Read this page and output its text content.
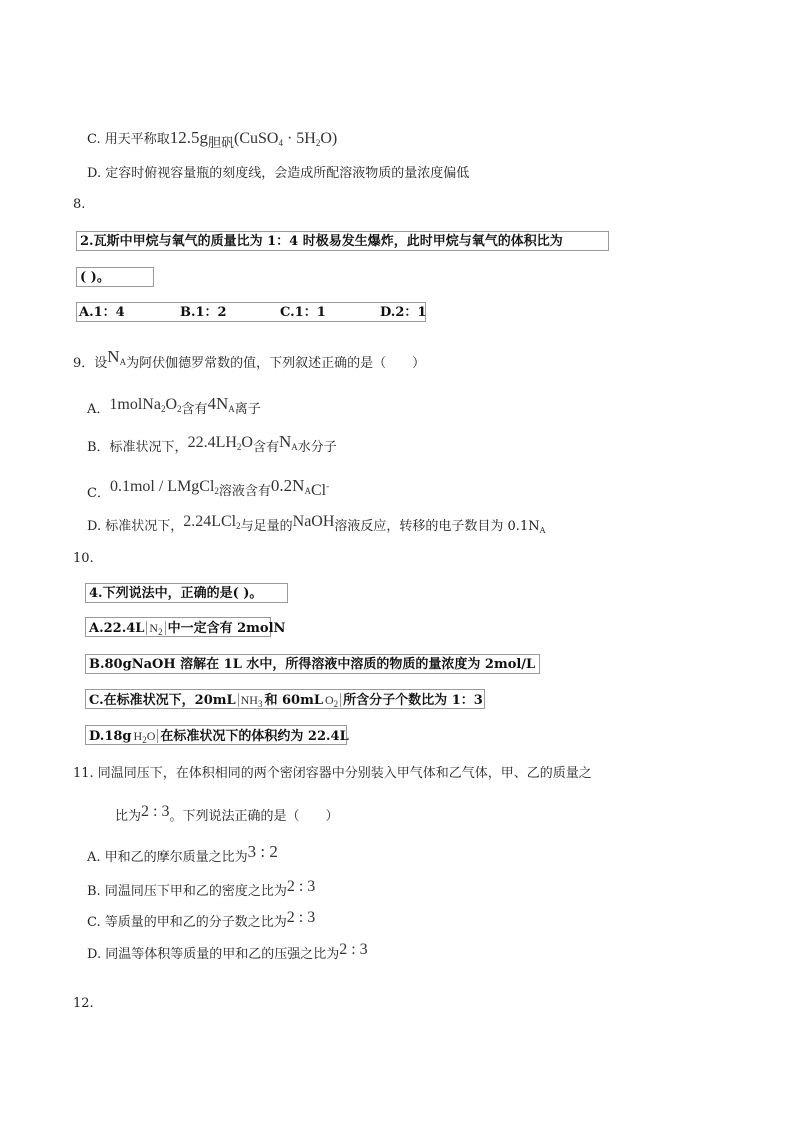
C. 用天平称取12.5g胆矾(CuSO$_4$ · $5H_2O$)
D. 定容时俯视容量瓶的刻度线，会造成所配溶液物质的量浓度偏低
8.
2.瓦斯中甲烷与氧气的质量比为 1：4 时极易发生爆炸，此时甲烷与氧气的体积比为
( )。
A.1：4	B.1：2	C.1：1	D.2：1
9．设$N_A$为阿伏伽德罗常数的值，下列叙述正确的是（　　）
A．$1molNa_2O_2$含有$4N_A$离子
B．标准状况下，$22.4LH_2O$含有$N_A$水分子
C．0.1mol / LMgCl$_2$溶液含有$0.2N_ACl^-$
D. 标准状况下，2.24LCl$_2$与足量的NaOH溶液反应，转移的电子数目为 $0.1N_A$
10.
4.下列说法中，正确的是( )。
A.22.4L $N_2$ 中一定含有 2molN
B.80gNaOH 溶解在 1L 水中，所得溶液中溶质的物质的量浓度为 2mol/L
C.在标准状况下，20mL $NH_3$ 和 60mL $O_2$ 所含分子个数比为 1：3
D.18g $H_2O$ 在标准状况下的体积约为 22.4L
11. 同温同压下，在体积相同的两个密闭容器中分别装入甲气体和乙气体，甲、乙的质量之
比为2 : 3。下列说法正确的是（　　）
A. 甲和乙的摩尔质量之比为3 : 2
B. 同温同压下甲和乙的密度之比为2 : 3
C. 等质量的甲和乙的分子数之比为2 : 3
D. 同温等体积等质量的甲和乙的压强之比为2 : 3
12.
